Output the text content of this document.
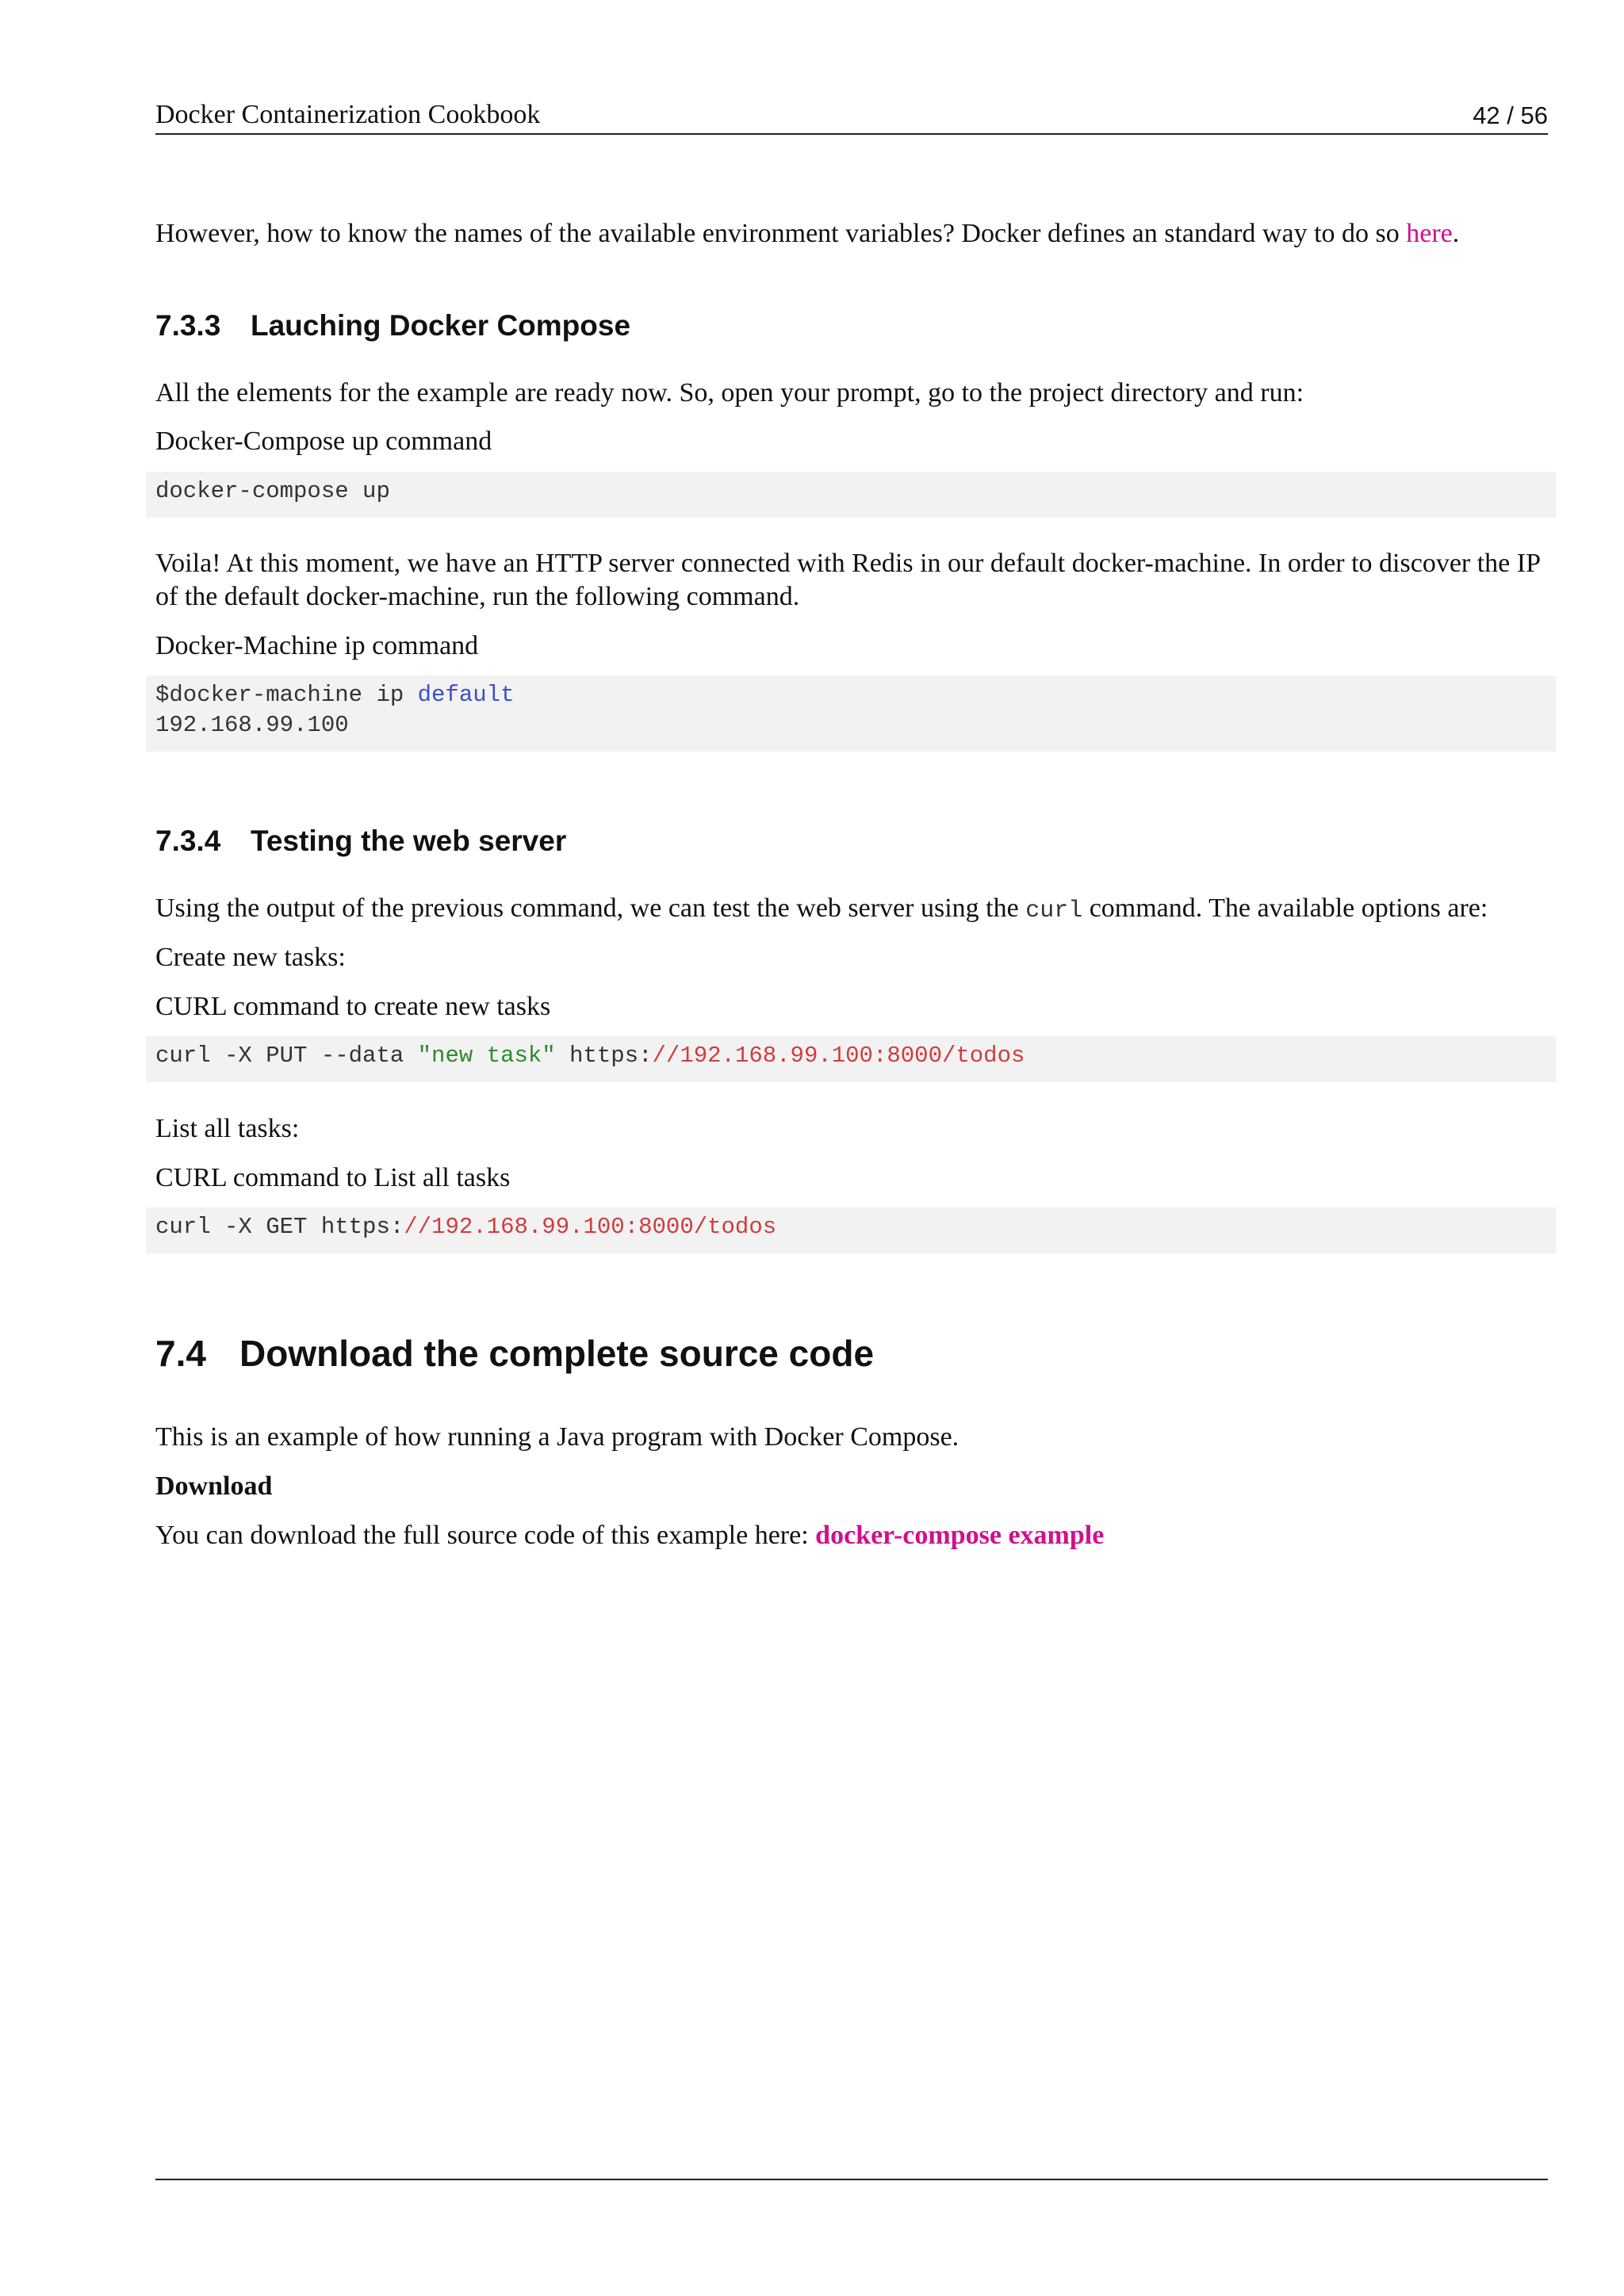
Docker Containerization Cookbook	42 / 56
However, how to know the names of the available environment variables? Docker defines an standard way to do so here.
7.3.3 Lauching Docker Compose
All the elements for the example are ready now. So, open your prompt, go to the project directory and run:
Docker-Compose up command
docker-compose up
Voila! At this moment, we have an HTTP server connected with Redis in our default docker-machine. In order to discover the IP of the default docker-machine, run the following command.
Docker-Machine ip command
$docker-machine ip default
192.168.99.100
7.3.4 Testing the web server
Using the output of the previous command, we can test the web server using the curl command. The available options are:
Create new tasks:
CURL command to create new tasks
curl -X PUT --data "new task" https://192.168.99.100:8000/todos
List all tasks:
CURL command to List all tasks
curl -X GET https://192.168.99.100:8000/todos
7.4 Download the complete source code
This is an example of how running a Java program with Docker Compose.
Download
You can download the full source code of this example here: docker-compose example
